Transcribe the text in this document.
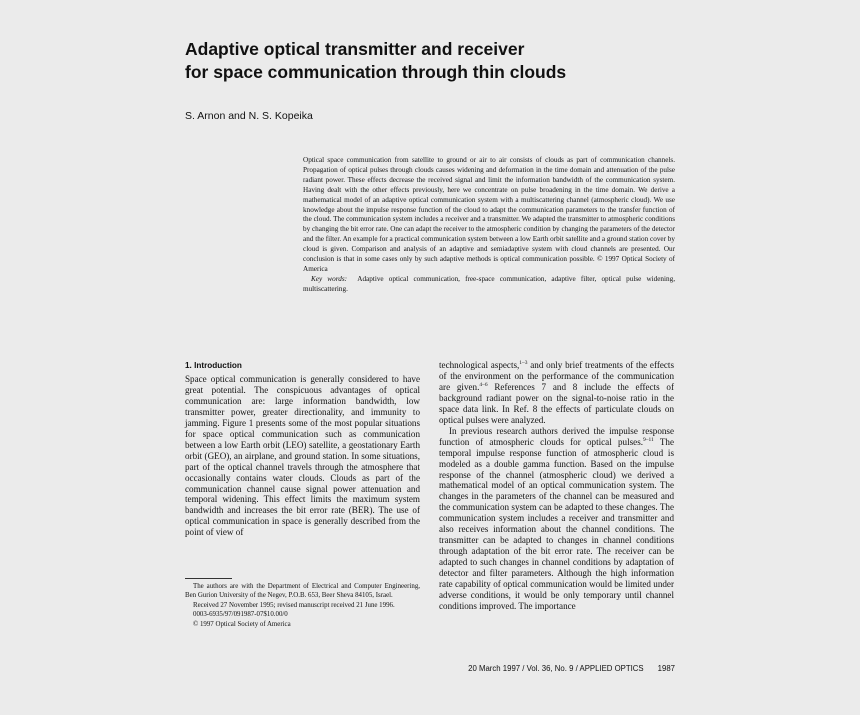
Adaptive optical transmitter and receiver
for space communication through thin clouds
S. Arnon and N. S. Kopeika

Optical space communication from satellite to ground or air to air consists of clouds as part of communication channels. Propagation of optical pulses through clouds causes widening and deformation in the time domain and attenuation of the pulse radiant power. These effects decrease the received signal and limit the information bandwidth of the communication system. Having dealt with the other effects previously, here we concentrate on pulse broadening in the time domain. We derive a mathematical model of an adaptive optical communication system with a multiscattering channel (atmospheric cloud). We use knowledge about the impulse response function of the cloud to adapt the communication parameters to the transfer function of the cloud. The communication system includes a receiver and a transmitter. We adapted the transmitter to atmospheric conditions by changing the bit error rate. One can adapt the receiver to the atmospheric condition by changing the parameters of the detector and the filter. An example for a practical communication system between a low Earth orbit satellite and a ground station cover by cloud is given. Comparison and analysis of an adaptive and semiadaptive system with cloud channels are presented. Our conclusion is that in some cases only by such adaptive methods is optical communication possible. © 1997 Optical Society of America

Key words: Adaptive optical communication, free-space communication, adaptive filter, optical pulse widening, multiscattering.

1. Introduction

Space optical communication is generally considered to have great potential. The conspicuous advantages of optical communication are: large information bandwidth, low transmitter power, greater directionality, and immunity to jamming. Figure 1 presents some of the most popular situations for space optical communication such as communication between a low Earth orbit (LEO) satellite, a geostationary Earth orbit (GEO), an airplane, and ground station. In some situations, part of the optical channel travels through the atmosphere that occasionally contains water clouds. Clouds as part of the communication channel cause signal power attenuation and temporal widening. This effect limits the maximum system bandwidth and increases the bit error rate (BER). The use of optical communication in space is generally described from the point of view of

technological aspects,$^{1-3}$ and only brief treatments of the effects of the environment on the performance of the communication are given.$^{4-6}$ References 7 and 8 include the effects of background radiant power on the signal-to-noise ratio in the space data link. In Ref. 8 the effects of particulate clouds on optical pulses were analyzed.

In previous research authors derived the impulse response function of atmospheric clouds for optical pulses.$^{9-11}$ The temporal impulse response function of atmospheric cloud is modeled as a double gamma function. Based on the impulse response of the channel (atmospheric cloud) we derived a mathematical model of an optical communication system. The changes in the parameters of the channel can be measured and the communication system can be adapted to these changes. The communication system includes a receiver and transmitter and also receives information about the channel conditions. The transmitter can be adapted to changes in channel conditions through adaptation of the bit error rate. The receiver can be adapted to such changes in channel conditions by adaptation of detector and filter parameters. Although the high information rate capability of optical communication would be limited under adverse conditions, it would be only temporary until channel conditions improved. The importance

The authors are with the Department of Electrical and Computer Engineering, Ben Gurion University of the Negev, P.O.B. 653, Beer Sheva 84105, Israel.

Received 27 November 1995; revised manuscript received 21 June 1996.

0003-6935/97/091987-07$10.00/0

© 1997 Optical Society of America

20 March 1997 / Vol. 36, No. 9 / APPLIED OPTICS 1987
